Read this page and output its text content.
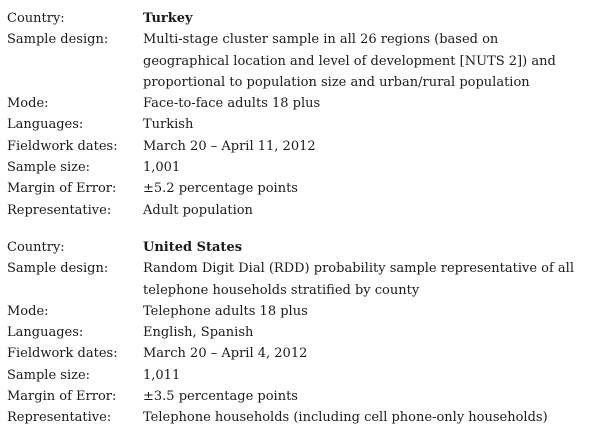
Country:	Turkey
Sample design:	Multi-stage cluster sample in all 26 regions (based on geographical location and level of development [NUTS 2]) and proportional to population size and urban/rural population
Mode:	Face-to-face adults 18 plus
Languages:	Turkish
Fieldwork dates:	March 20 – April 11, 2012
Sample size:	1,001
Margin of Error:	±5.2 percentage points
Representative:	Adult population
Country:	United States
Sample design:	Random Digit Dial (RDD) probability sample representative of all telephone households stratified by county
Mode:	Telephone adults 18 plus
Languages:	English, Spanish
Fieldwork dates:	March 20 – April 4, 2012
Sample size:	1,011
Margin of Error:	±3.5 percentage points
Representative:	Telephone households (including cell phone-only households)
